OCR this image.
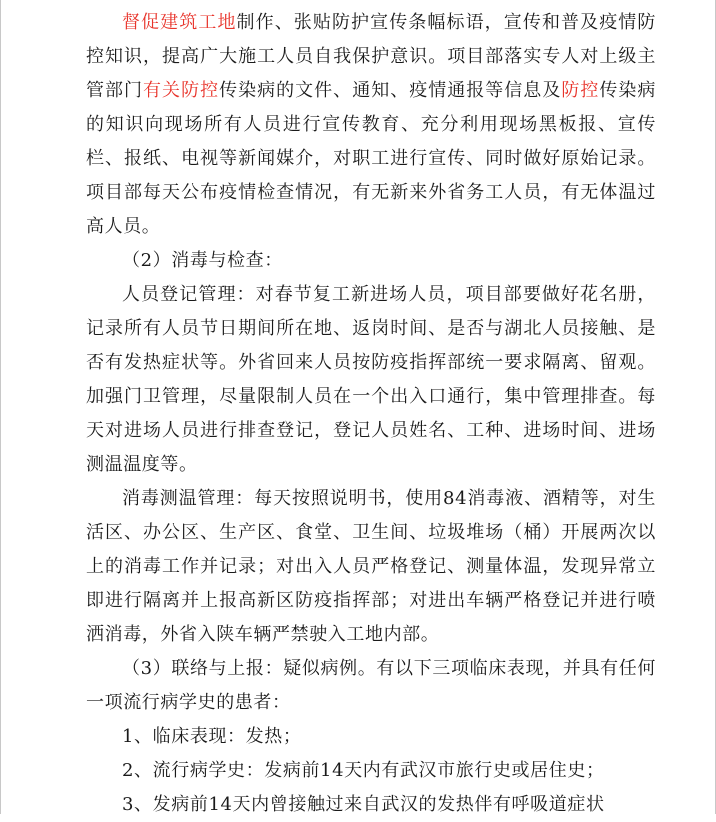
督促建筑工地制作、张贴防护宣传条幅标语，宣传和普及疫情防控知识，提高广大施工人员自我保护意识。项目部落实专人对上级主管部门有关防控传染病的文件、通知、疫情通报等信息及防控传染病的知识向现场所有人员进行宣传教育、充分利用现场黑板报、宣传栏、报纸、电视等新闻媒介，对职工进行宣传、同时做好原始记录。项目部每天公布疫情检查情况，有无新来外省务工人员，有无体温过高人员。

（2）消毒与检查：

人员登记管理：对春节复工新进场人员，项目部要做好花名册，记录所有人员节日期间所在地、返岗时间、是否与湖北人员接触、是否有发热症状等。外省回来人员按防疫指挥部统一要求隔离、留观。加强门卫管理，尽量限制人员在一个出入口通行，集中管理排查。每天对进场人员进行排查登记，登记人员姓名、工种、进场时间、进场测温温度等。

消毒测温管理：每天按照说明书，使用84消毒液、酒精等，对生活区、办公区、生产区、食堂、卫生间、垃圾堆场（桶）开展两次以上的消毒工作并记录；对出入人员严格登记、测量体温，发现异常立即进行隔离并上报高新区防疫指挥部；对进出车辆严格登记并进行喷洒消毒，外省入陕车辆严禁驶入工地内部。

（3）联络与上报：疑似病例。有以下三项临床表现，并具有任何一项流行病学史的患者：

1、临床表现：发热；

2、流行病学史：发病前14天内有武汉市旅行史或居住史；

3、发病前14天内曾接触过来自武汉的发热伴有呼吸道症状
